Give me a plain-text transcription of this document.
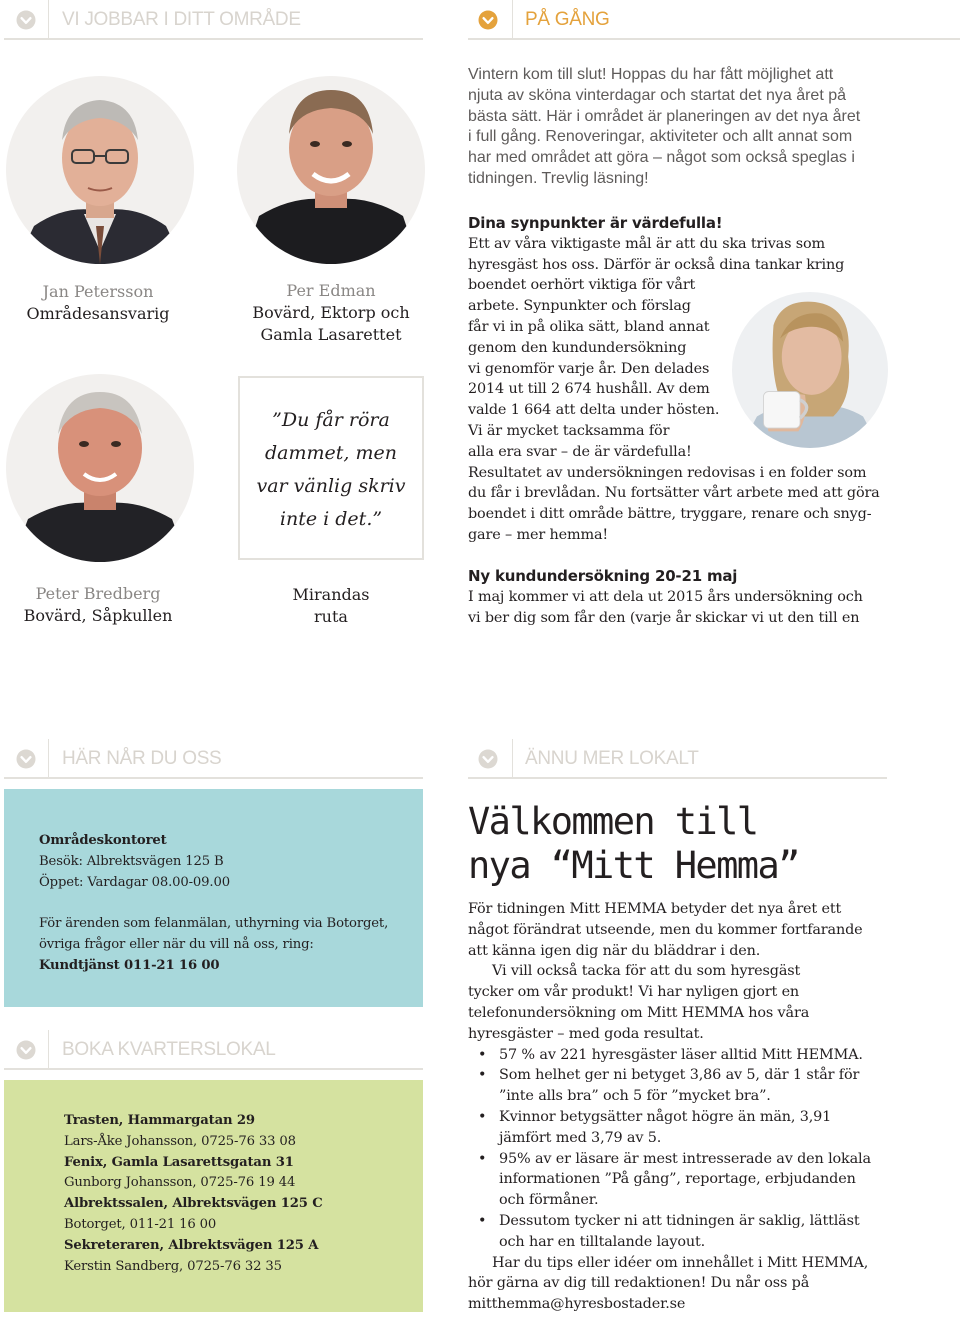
VI JOBBAR I DITT OMRÅDE	PÅ GÅNG
Jan Petersson
Områdesansvarig
Per Edman
Bovärd, Ektorp och
Gamla Lasarettet
Peter Bredberg
Bovärd, Såpkullen
”Du får röra
dammet, men
var vänlig skriv
inte i det.”
Mirandas
ruta
Vintern kom till slut! Hoppas du har fått möjlighet att
njuta av sköna vinterdagar och startat det nya året på
bästa sätt. Här i området är planeringen av det nya året
i full gång. Renoveringar, aktiviteter och allt annat som
har med området att göra – något som också speglas i
tidningen. Trevlig läsning!
Dina synpunkter är värdefulla!
Ett av våra viktigaste mål är att du ska trivas som
hyresgäst hos oss. Därför är också dina tankar kring
boendet oerhört viktiga för vårt
arbete. Synpunkter och förslag
får vi in på olika sätt, bland annat
genom den kundundersökning
vi genomför varje år. Den delades
2014 ut till 2 674 hushåll. Av dem
valde 1 664 att delta under hösten.
Vi är mycket tacksamma för
alla era svar – de är värdefulla!
Resultatet av undersökningen redovisas i en folder som
du får i brevlådan. Nu fortsätter vårt arbete med att göra
boendet i ditt område bättre, tryggare, renare och snyg-
gare – mer hemma!
Ny kundundersökning 20-21 maj
I maj kommer vi att dela ut 2015 års undersökning och
vi ber dig som får den (varje år skickar vi ut den till en
HÄR NÅR DU OSS	ÄNNU MER LOKALT
Områdeskontoret
Besök: Albrektsvägen 125 B
Öppet: Vardagar 08.00-09.00
För ärenden som felanmälan, uthyrning via Botorget,
övriga frågor eller när du vill nå oss, ring:
Kundtjänst 011-21 16 00
BOKA KVARTERSLOKAL
Trasten, Hammargatan 29
Lars-Åke Johansson, 0725-76 33 08
Fenix, Gamla Lasarettsgatan 31
Gunborg Johansson, 0725-76 19 44
Albrektssalen, Albrektsvägen 125 C
Botorget, 011-21 16 00
Sekreteraren, Albrektsvägen 125 A
Kerstin Sandberg, 0725-76 32 35
Välkommen till
nya “Mitt Hemma”
För tidningen Mitt HEMMA betyder det nya året ett
något förändrat utseende, men du kommer fortfarande
att känna igen dig när du bläddrar i den.
Vi vill också tacka för att du som hyresgäst
tycker om vår produkt! Vi har nyligen gjort en
telefonundersökning om Mitt HEMMA hos våra
hyresgäster – med goda resultat.
• 57 % av 221 hyresgäster läser alltid Mitt HEMMA.
• Som helhet ger ni betyget 3,86 av 5, där 1 står för
”inte alls bra” och 5 för ”mycket bra”.
• Kvinnor betygsätter något högre än män, 3,91
jämfört med 3,79 av 5.
• 95% av er läsare är mest intresserade av den lokala
informationen ”På gång”, reportage, erbjudanden
och förmåner.
• Dessutom tycker ni att tidningen är saklig, lättläst
och har en tilltalande layout.
Har du tips eller idéer om innehållet i Mitt HEMMA,
hör gärna av dig till redaktionen! Du når oss på
mitthemma@hyresbostader.se
